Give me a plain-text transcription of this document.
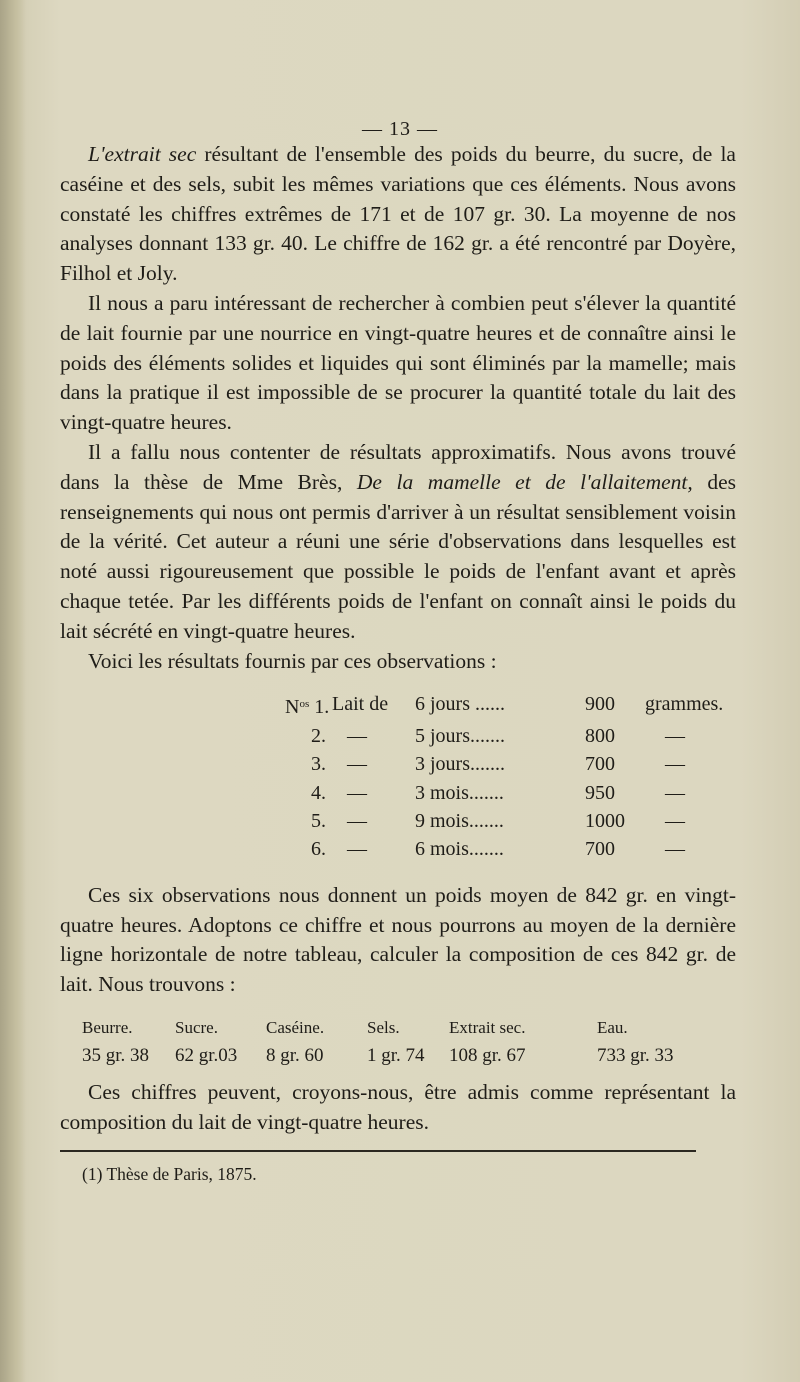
— 13 —

L'extrait sec résultant de l'ensemble des poids du beurre, du sucre, de la caséine et des sels, subit les mêmes variations que ces éléments. Nous avons constaté les chiffres extrêmes de 171 et de 107 gr. 30. La moyenne de nos analyses donnant 133 gr. 40. Le chiffre de 162 gr. a été rencontré par Doyère, Filhol et Joly.

Il nous a paru intéressant de rechercher à combien peut s'élever la quantité de lait fournie par une nourrice en vingt-quatre heures et de connaître ainsi le poids des éléments solides et liquides qui sont éliminés par la mamelle; mais dans la pratique il est impossible de se procurer la quantité totale du lait des vingt-quatre heures.

Il a fallu nous contenter de résultats approximatifs. Nous avons trouvé dans la thèse de Mme Brès, De la mamelle et de l'allaitement, des renseignements qui nous ont permis d'arriver à un résultat sensiblement voisin de la vérité. Cet auteur a réuni une série d'observations dans lesquelles est noté aussi rigoureusement que possible le poids de l'enfant avant et après chaque tetée. Par les différents poids de l'enfant on connaît ainsi le poids du lait sécrété en vingt-quatre heures.

Voici les résultats fournis par ces observations :

$N^{os}$ 1. Lait de	6 jours ......	900	grammes.
2.	—	5 jours.......	800	—
3.	—	3 jours.......	700	—
4.	—	3 mois.......	950	—
5.	—	9 mois.......	1000	—
6.	—	6 mois.......	700	—

Ces six observations nous donnent un poids moyen de 842 gr. en vingt-quatre heures. Adoptons ce chiffre et nous pourrons au moyen de la dernière ligne horizontale de notre tableau, calculer la composition de ces 842 gr. de lait. Nous trouvons :

Beurre.	Sucre.	Caséine.	Sels.	Extrait sec.	Eau.
35 gr. 38	62 gr.03	8 gr. 60	1 gr. 74	108 gr. 67	733 gr. 33

Ces chiffres peuvent, croyons-nous, être admis comme représentant la composition du lait de vingt-quatre heures.

(1) Thèse de Paris, 1875.
